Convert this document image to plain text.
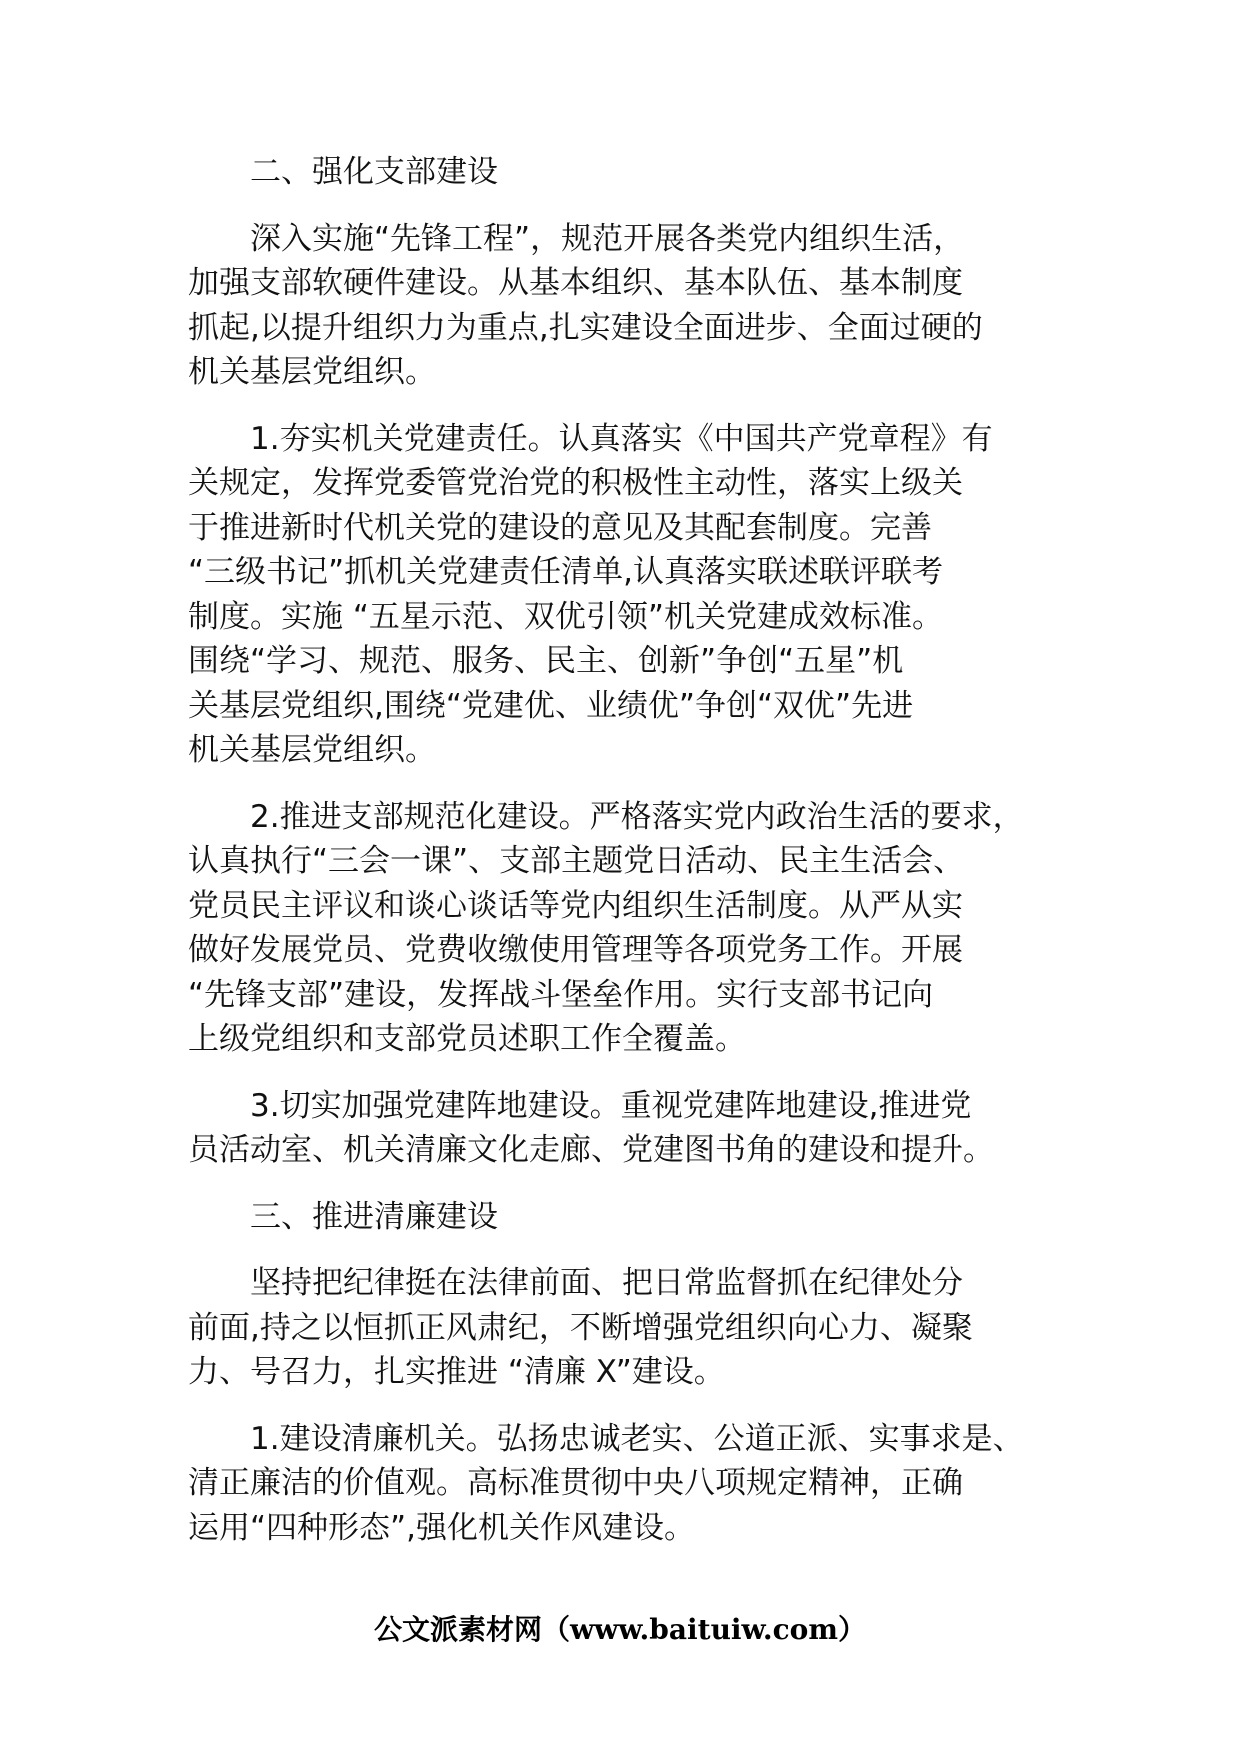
　　二、强化支部建设

　　深入实施“先锋工程”，规范开展各类党内组织生活，
加强支部软硬件建设。从基本组织、基本队伍、基本制度
抓起,以提升组织力为重点,扎实建设全面进步、全面过硬的
机关基层党组织。

　　1.夯实机关党建责任。认真落实《中国共产党章程》有
关规定，发挥党委管党治党的积极性主动性，落实上级关
于推进新时代机关党的建设的意见及其配套制度。完善
“三级书记”抓机关党建责任清单,认真落实联述联评联考
制度。实施 “五星示范、双优引领”机关党建成效标准。
围绕“学习、规范、服务、民主、创新”争创“五星”机
关基层党组织,围绕“党建优、业绩优”争创“双优”先进
机关基层党组织。

　　2.推进支部规范化建设。严格落实党内政治生活的要求，
认真执行“三会一课”、支部主题党日活动、民主生活会、
党员民主评议和谈心谈话等党内组织生活制度。从严从实
做好发展党员、党费收缴使用管理等各项党务工作。开展
“先锋支部”建设，发挥战斗堡垒作用。实行支部书记向
上级党组织和支部党员述职工作全覆盖。

　　3.切实加强党建阵地建设。重视党建阵地建设,推进党
员活动室、机关清廉文化走廊、党建图书角的建设和提升。

　　三、推进清廉建设

　　坚持把纪律挺在法律前面、把日常监督抓在纪律处分
前面,持之以恒抓正风肃纪，不断增强党组织向心力、凝聚
力、号召力，扎实推进 “清廉 X”建设。

　　1.建设清廉机关。弘扬忠诚老实、公道正派、实事求是、
清正廉洁的价值观。高标准贯彻中央八项规定精神，正确
运用“四种形态”,强化机关作风建设。

公文派素材网（www.baituiw.com）
